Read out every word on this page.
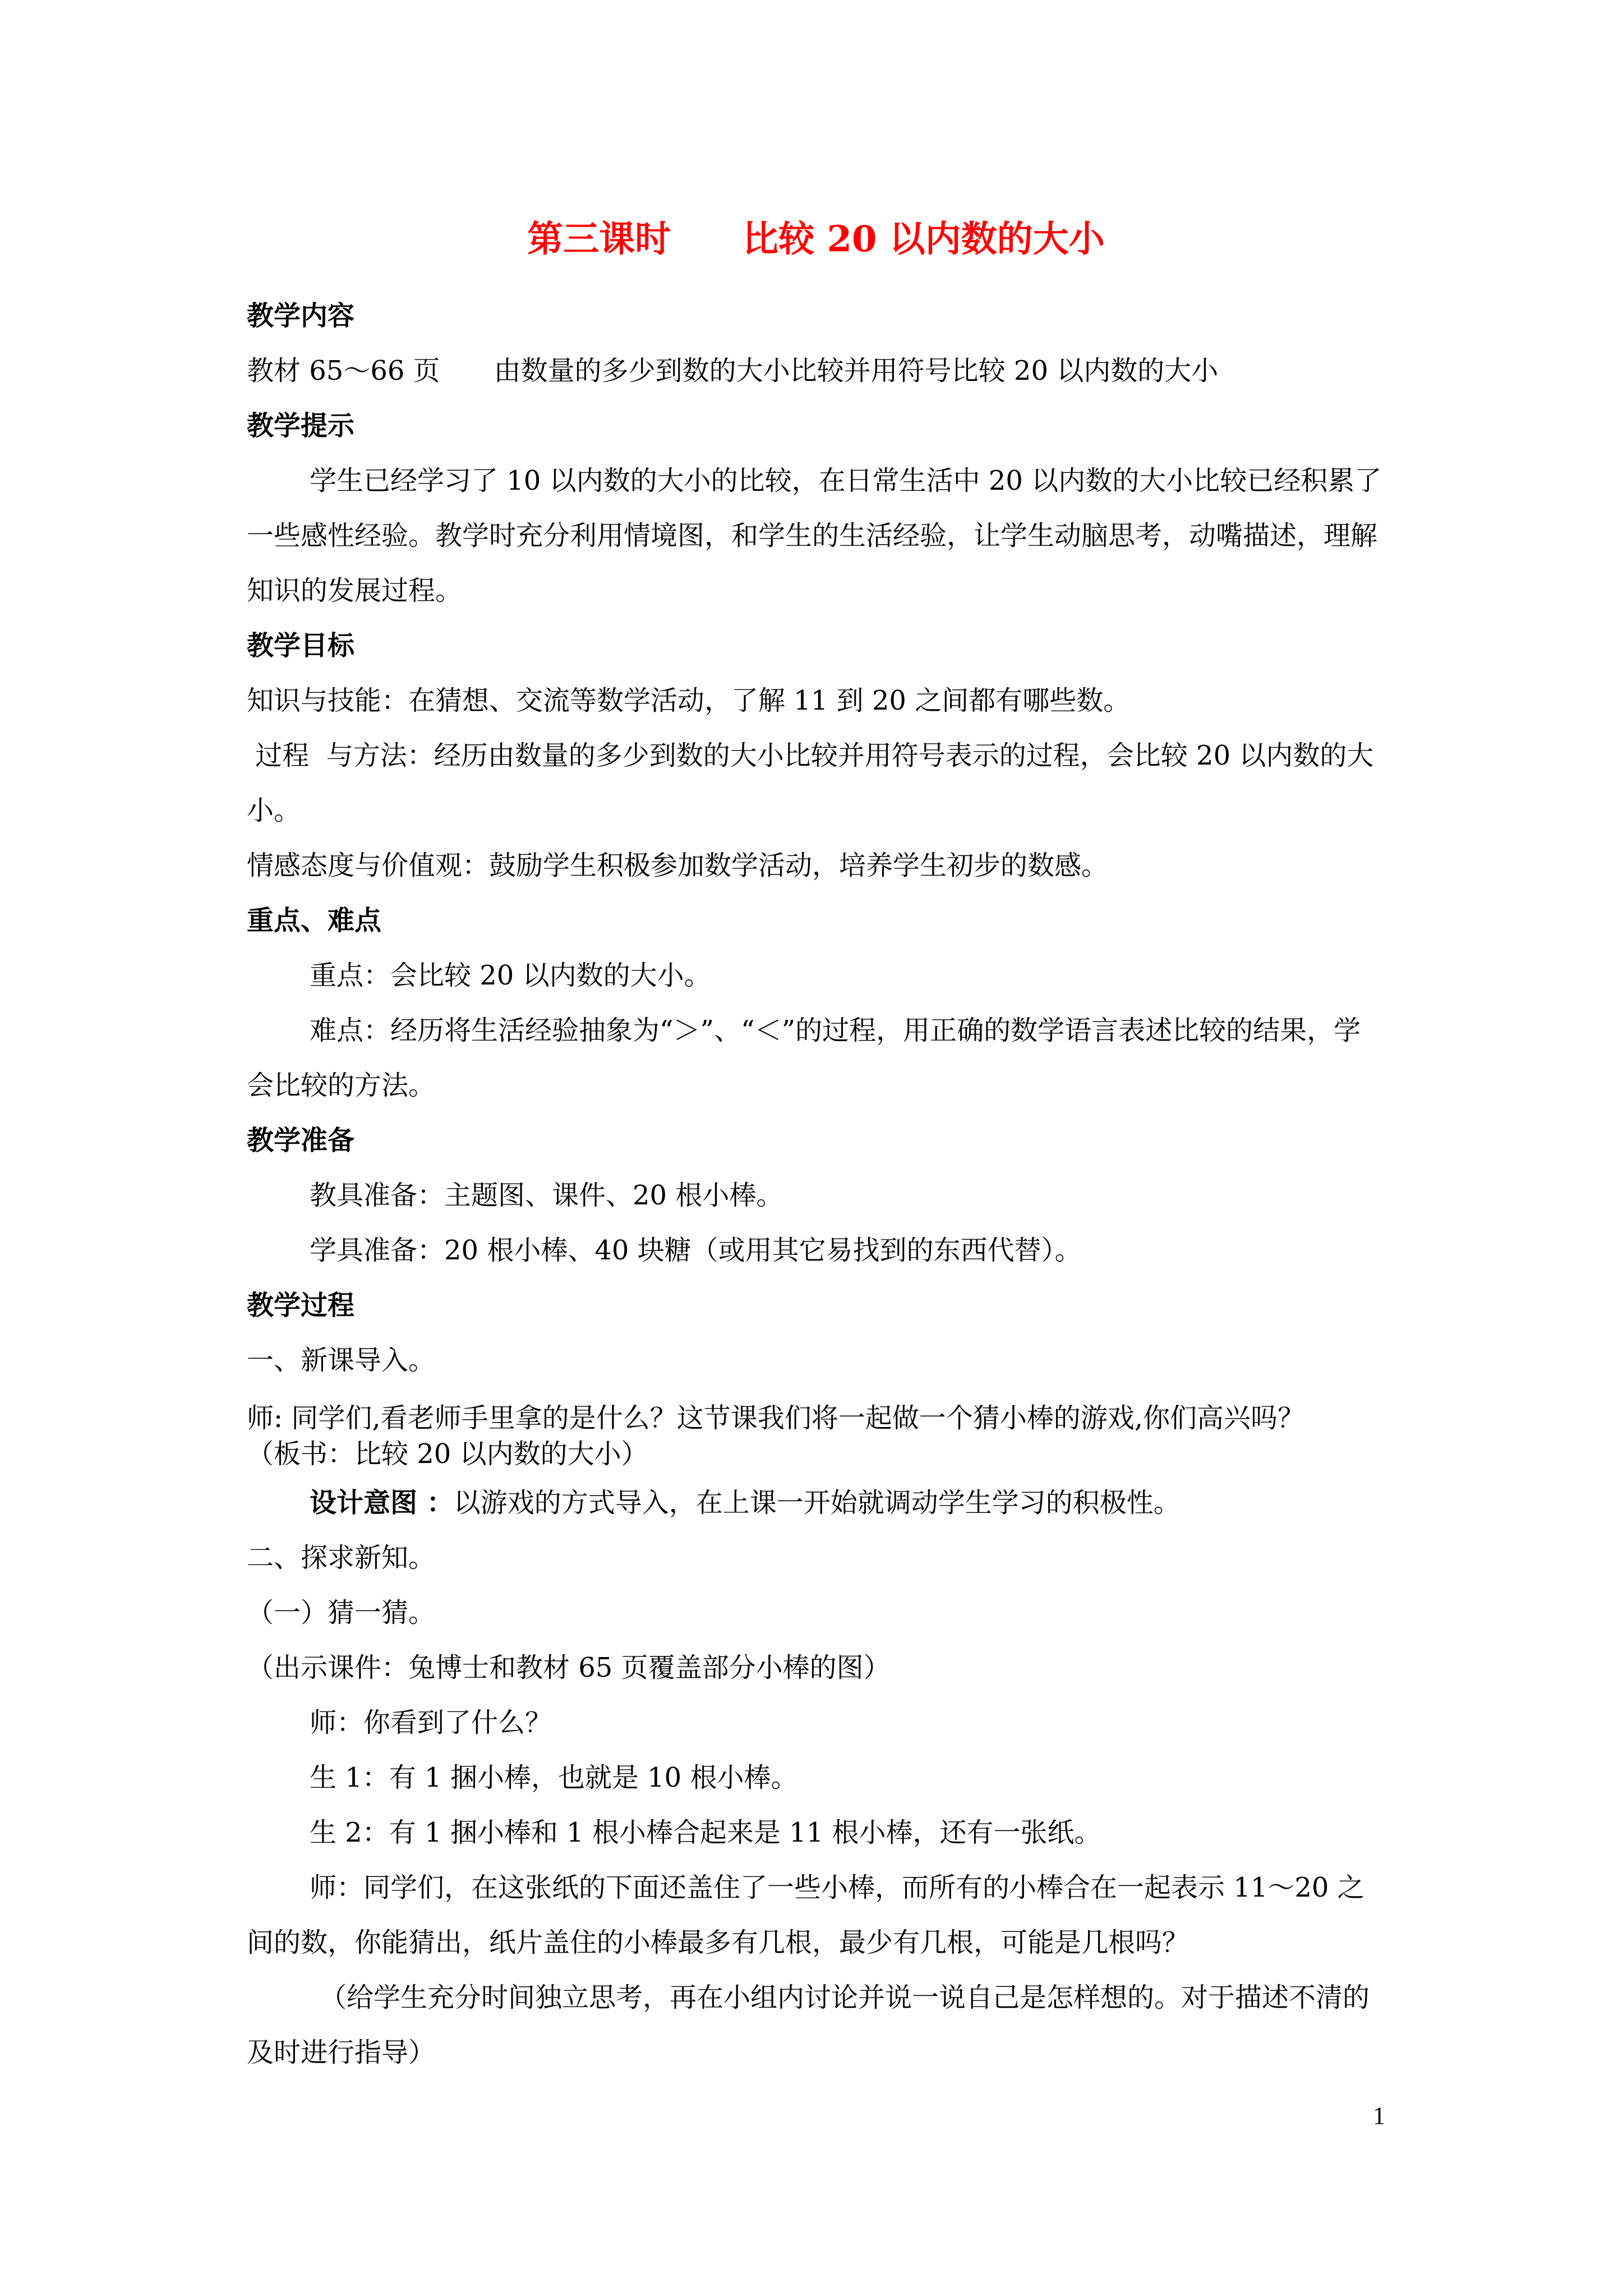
第三课时　　比较 20 以内数的大小

教学内容

教材 65～66 页　　由数量的多少到数的大小比较并用符号比较 20 以内数的大小

教学提示

学生已经学习了 10 以内数的大小的比较，在日常生活中 20 以内数的大小比较已经积累了一些感性经验。教学时充分利用情境图，和学生的生活经验，让学生动脑思考，动嘴描述，理解知识的发展过程。

教学目标

知识与技能：在猜想、交流等数学活动，了解 11 到 20 之间都有哪些数。

过程  与方法：经历由数量的多少到数的大小比较并用符号表示的过程，会比较 20 以内数的大小。

情感态度与价值观：鼓励学生积极参加数学活动，培养学生初步的数感。

重点、难点

重点：会比较 20 以内数的大小。

难点：经历将生活经验抽象为“＞”、“＜”的过程，用正确的数学语言表述比较的结果，学会比较的方法。

教学准备

教具准备：主题图、课件、20 根小棒。

学具准备：20 根小棒、40 块糖（或用其它易找到的东西代替）。

教学过程

一、新课导入。

师: 同学们,看老师手里拿的是什么？这节课我们将一起做一个猜小棒的游戏,你们高兴吗？

（板书：比较 20 以内数的大小）

设计意图 ：以游戏的方式导入，在上课一开始就调动学生学习的积极性。

二、探求新知。

（一）猜一猜。

（出示课件：兔博士和教材 65 页覆盖部分小棒的图）

师：你看到了什么？

生 1：有 1 捆小棒，也就是 10 根小棒。

生 2：有 1 捆小棒和 1 根小棒合起来是 11 根小棒，还有一张纸。

师：同学们，在这张纸的下面还盖住了一些小棒，而所有的小棒合在一起表示 11～20 之间的数，你能猜出，纸片盖住的小棒最多有几根，最少有几根，可能是几根吗？

（给学生充分时间独立思考，再在小组内讨论并说一说自己是怎样想的。对于描述不清的及时进行指导）

1
